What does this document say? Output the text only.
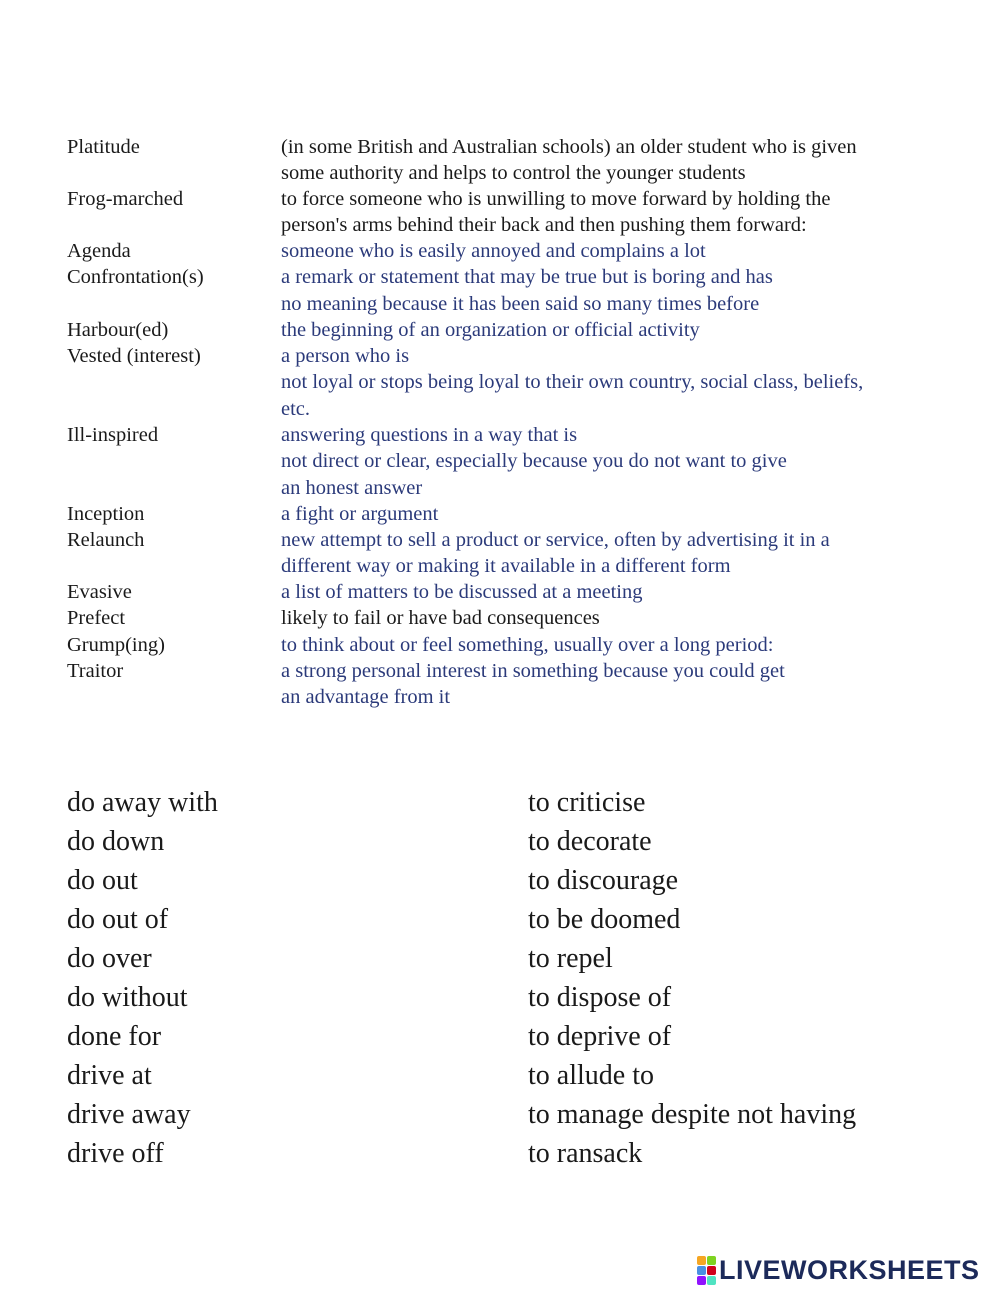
Platitude
Frog-marched
Agenda
Confrontation(s)
Harbour(ed)
Vested (interest)
Ill-inspired
Inception
Relaunch
Evasive
Prefect
Grump(ing)
Traitor
(in some British and Australian schools) an older student who is given
some authority and helps to control the younger students
to force someone who is unwilling to move forward by holding the
person's arms behind their back and then pushing them forward:
someone who is easily annoyed and complains a lot
a remark or statement that may be true but is boring and has
no meaning because it has been said so many times before
the beginning of an organization or official activity
a person who is
not loyal or stops being loyal to their own country, social class, beliefs,
etc.
answering questions in a way that is
not direct or clear, especially because you do not want to give
an honest answer
a fight or argument
new attempt to sell a product or service, often by advertising it in a
different way or making it available in a different form
a list of matters to be discussed at a meeting
likely to fail or have bad consequences
to think about or feel something, usually over a long period:
a strong personal interest in something because you could get
an advantage from it
do away with
do down
do out
do out of
do over
do without
done for
drive at
drive away
drive off
to criticise
to decorate
to discourage
to be doomed
to repel
to dispose of
to deprive of
to allude to
to manage despite not having
to ransack
LIVEWORKSHEETS
